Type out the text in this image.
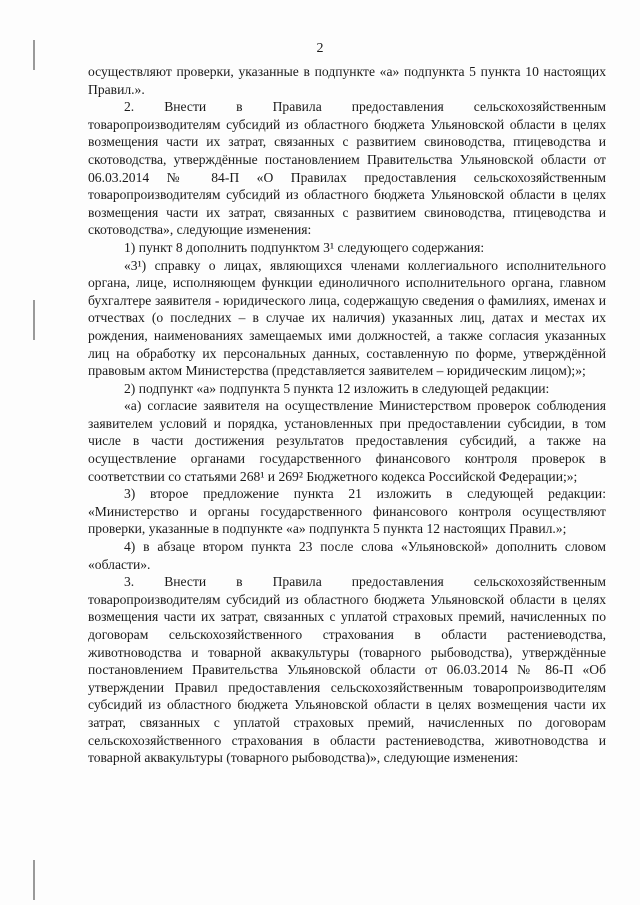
2

осуществляют проверки, указанные в подпункте «а» подпункта 5 пункта 10 настоящих Правил.».

2. Внести в Правила предоставления сельскохозяйственным товаропроизводителям субсидий из областного бюджета Ульяновской области в целях возмещения части их затрат, связанных с развитием свиноводства, птицеводства и скотоводства, утверждённые постановлением Правительства Ульяновской области от 06.03.2014 № 84-П «О Правилах предоставления сельскохозяйственным товаропроизводителям субсидий из областного бюджета Ульяновской области в целях возмещения части их затрат, связанных с развитием свиноводства, птицеводства и скотоводства», следующие изменения:

1) пункт 8 дополнить подпунктом 3¹ следующего содержания:

«3¹) справку о лицах, являющихся членами коллегиального исполнительного органа, лице, исполняющем функции единоличного исполнительного органа, главном бухгалтере заявителя - юридического лица, содержащую сведения о фамилиях, именах и отчествах (о последних – в случае их наличия) указанных лиц, датах и местах их рождения, наименованиях замещаемых ими должностей, а также согласия указанных лиц на обработку их персональных данных, составленную по форме, утверждённой правовым актом Министерства (представляется заявителем – юридическим лицом);»;

2) подпункт «а» подпункта 5 пункта 12 изложить в следующей редакции:

«а) согласие заявителя на осуществление Министерством проверок соблюдения заявителем условий и порядка, установленных при предоставлении субсидии, в том числе в части достижения результатов предоставления субсидий, а также на осуществление органами государственного финансового контроля проверок в соответствии со статьями 268¹ и 269² Бюджетного кодекса Российской Федерации;»;

3) второе предложение пункта 21 изложить в следующей редакции: «Министерство и органы государственного финансового контроля осуществляют проверки, указанные в подпункте «а» подпункта 5 пункта 12 настоящих Правил.»;

4) в абзаце втором пункта 23 после слова «Ульяновской» дополнить словом «области».

3. Внести в Правила предоставления сельскохозяйственным товаропроизводителям субсидий из областного бюджета Ульяновской области в целях возмещения части их затрат, связанных с уплатой страховых премий, начисленных по договорам сельскохозяйственного страхования в области растениеводства, животноводства и товарной аквакультуры (товарного рыбоводства), утверждённые постановлением Правительства Ульяновской области от 06.03.2014 № 86-П «Об утверждении Правил предоставления сельскохозяйственным товаропроизводителям субсидий из областного бюджета Ульяновской области в целях возмещения части их затрат, связанных с уплатой страховых премий, начисленных по договорам сельскохозяйственного страхования в области растениеводства, животноводства и товарной аквакультуры (товарного рыбоводства)», следующие изменения:
